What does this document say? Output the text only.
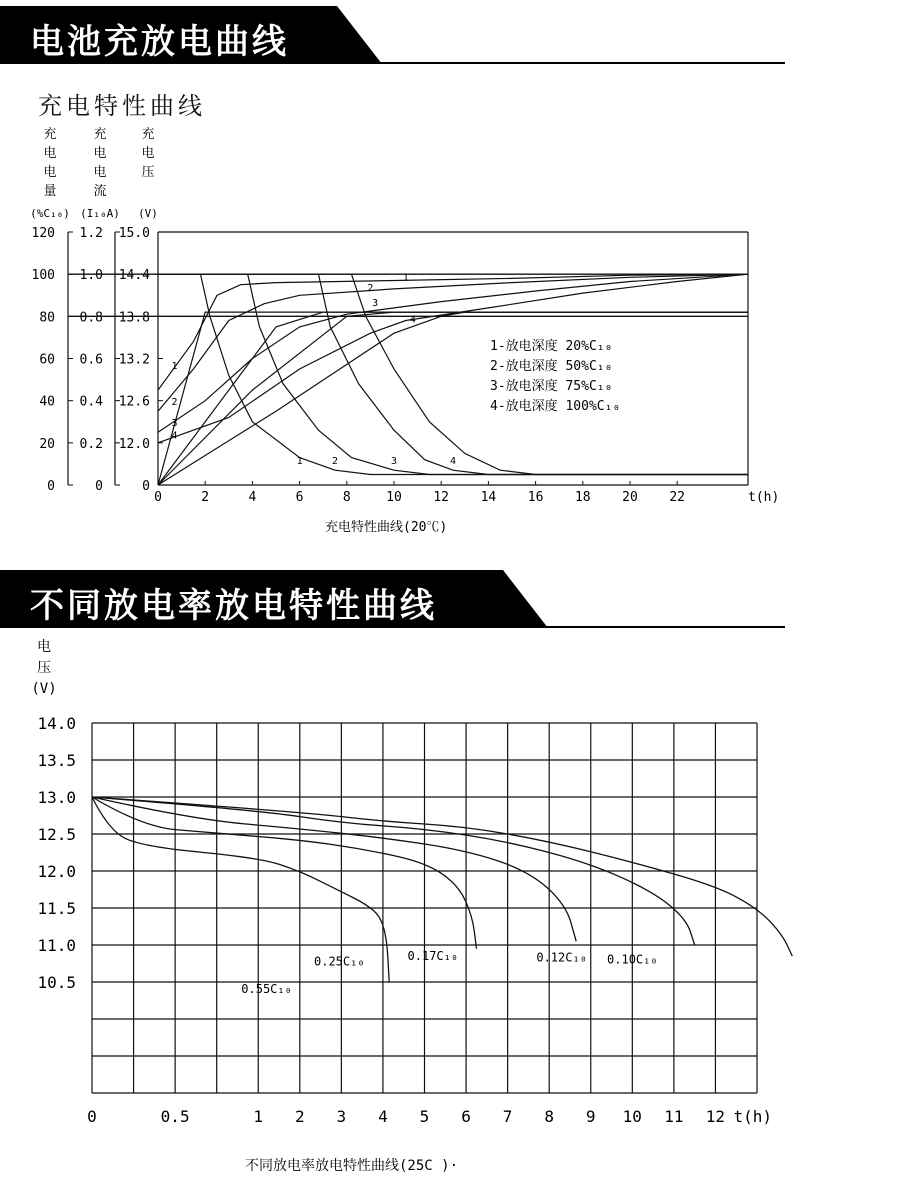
电池充放电曲线
充电特性曲线
充
电
电
量
(%C₁₀)
充
电
电
流
(I₁₀A)
充
电
压
(V)
120
100
80
60
40
20
0
1.2
1.0
0.8
0.6
0.4
0.2
0
15.0
14.4
13.8
13.2
12.6
12.0
0
0	2	4	6	8	10 12 14 16 18 20 22	t(h)
1
1
1
2
2
2
3
3
3
4
4
4
1-放电深度 20%C₁₀
2-放电深度 50%C₁₀
3-放电深度 75%C₁₀
4-放电深度 100%C₁₀
充电特性曲线(20℃)
不同放电率放电特性曲线
电
压
(V)
14.0
13.5
13.0
12.5
12.0
11.5
11.0
10.5
0	0.5	1 2 3 4 5 6 7 8 9 10 11 12 t(h)
0.55C₁₀
0.25C₁₀	0.17C₁₀	0.12C₁₀ 0.10C₁₀
不同放电率放电特性曲线(25C )·
